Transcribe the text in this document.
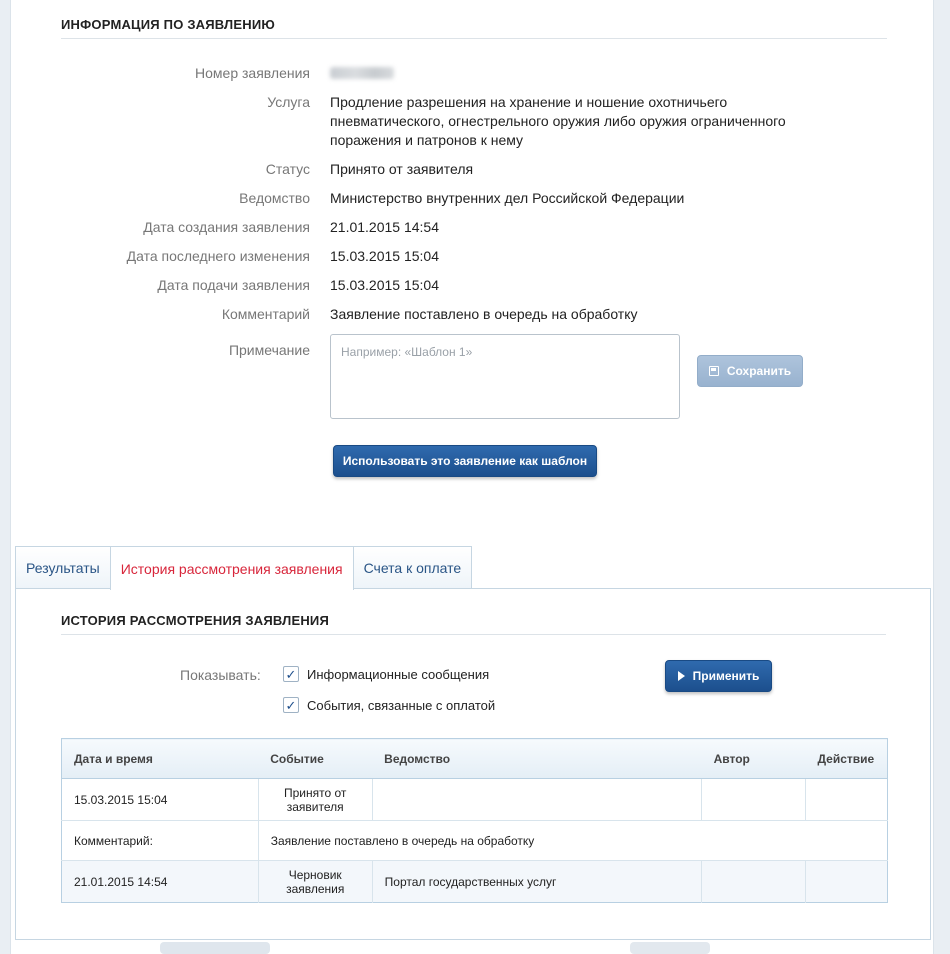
ИНФОРМАЦИЯ ПО ЗАЯВЛЕНИЮ
Номер заявления
Услуга Продление разрешения на хранение и ношение охотничьего пневматического, огнестрельного оружия либо оружия ограниченного поражения и патронов к нему
Статус Принято от заявителя
Ведомство Министерство внутренних дел Российской Федерации
Дата создания заявления 21.01.2015 14:54
Дата последнего изменения 15.03.2015 15:04
Дата подачи заявления 15.03.2015 15:04
Комментарий Заявление поставлено в очередь на обработку
Примечание
Например: «Шаблон 1»
Сохранить
Использовать это заявление как шаблон
Результаты История рассмотрения заявления Счета к оплате
ИСТОРИЯ РАССМОТРЕНИЯ ЗАЯВЛЕНИЯ
Показывать: ✓ Информационные сообщения
✓ События, связанные с оплатой
Применить
Дата и время	Событие	Ведомство	Автор	Действие
15.03.2015 15:04	Принято от заявителя			
Комментарий:	Заявление поставлено в очередь на обработку			
21.01.2015 14:54	Черновик заявления	Портал государственных услуг		
